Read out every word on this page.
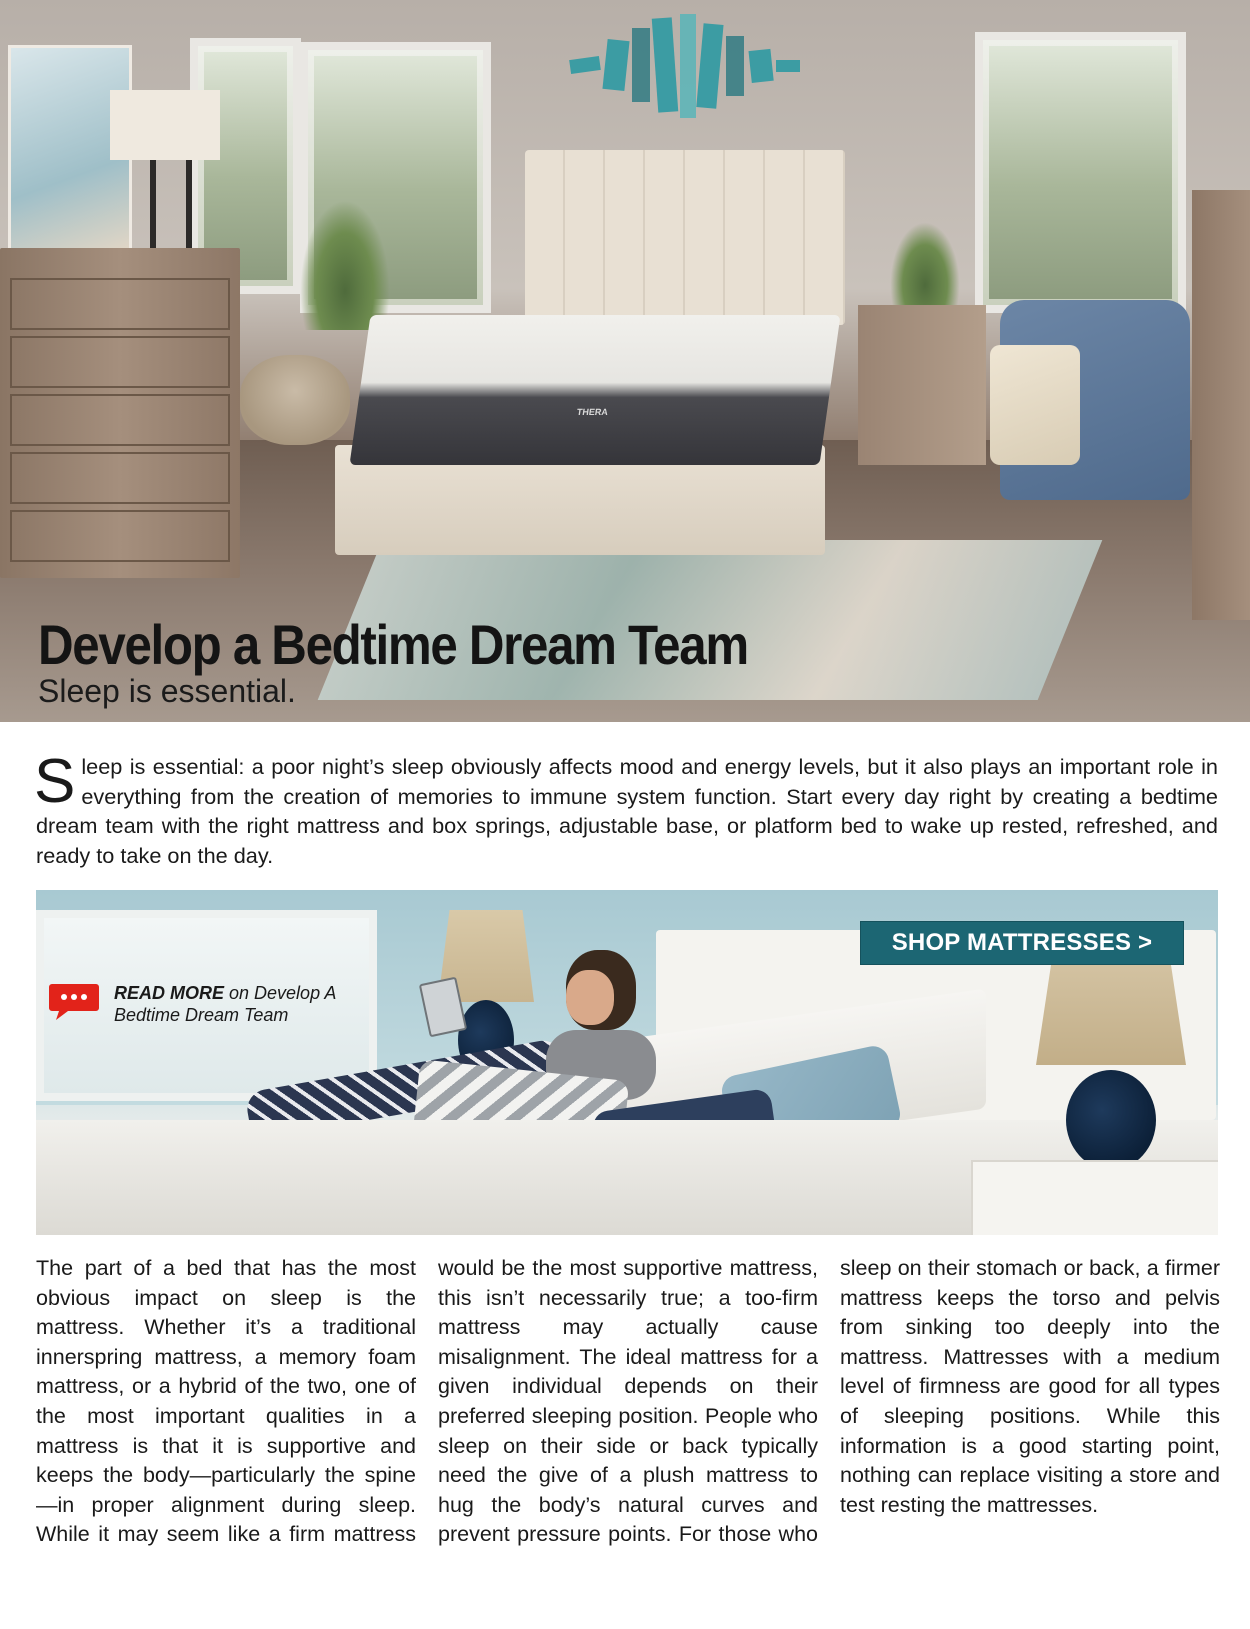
THERA
Develop a Bedtime Dream Team

Sleep is essential.

Sleep is essential: a poor night’s sleep obviously affects mood and energy levels, but it also plays an important role in everything from the creation of memories to immune system function. Start every day right by creating a bedtime dream team with the right mattress and box springs, adjustable base, or platform bed to wake up rested, refreshed, and ready to take on the day.

READ MORE on Develop A Bedtime Dream Team
SHOP MATTRESSES >

The part of a bed that has the most obvious impact on sleep is the mattress. Whether it’s a traditional innerspring mattress, a memory foam mattress, or a hybrid of the two, one of the most important qualities in a mattress is that it is supportive and keeps the body—particularly the spine—in proper alignment during sleep. While it may seem like a firm mattress would be the most supportive mattress, this isn’t necessarily true; a too-firm mattress may actually cause misalignment. The ideal mattress for a given individual depends on their preferred sleeping position. People who sleep on their side or back typically need the give of a plush mattress to hug the body’s natural curves and prevent pressure points. For those who sleep on their stomach or back, a firmer mattress keeps the torso and pelvis from sinking too deeply into the mattress. Mattresses with a medium level of firmness are good for all types of sleeping positions. While this information is a good starting point, nothing can replace visiting a store and test resting the mattresses.
